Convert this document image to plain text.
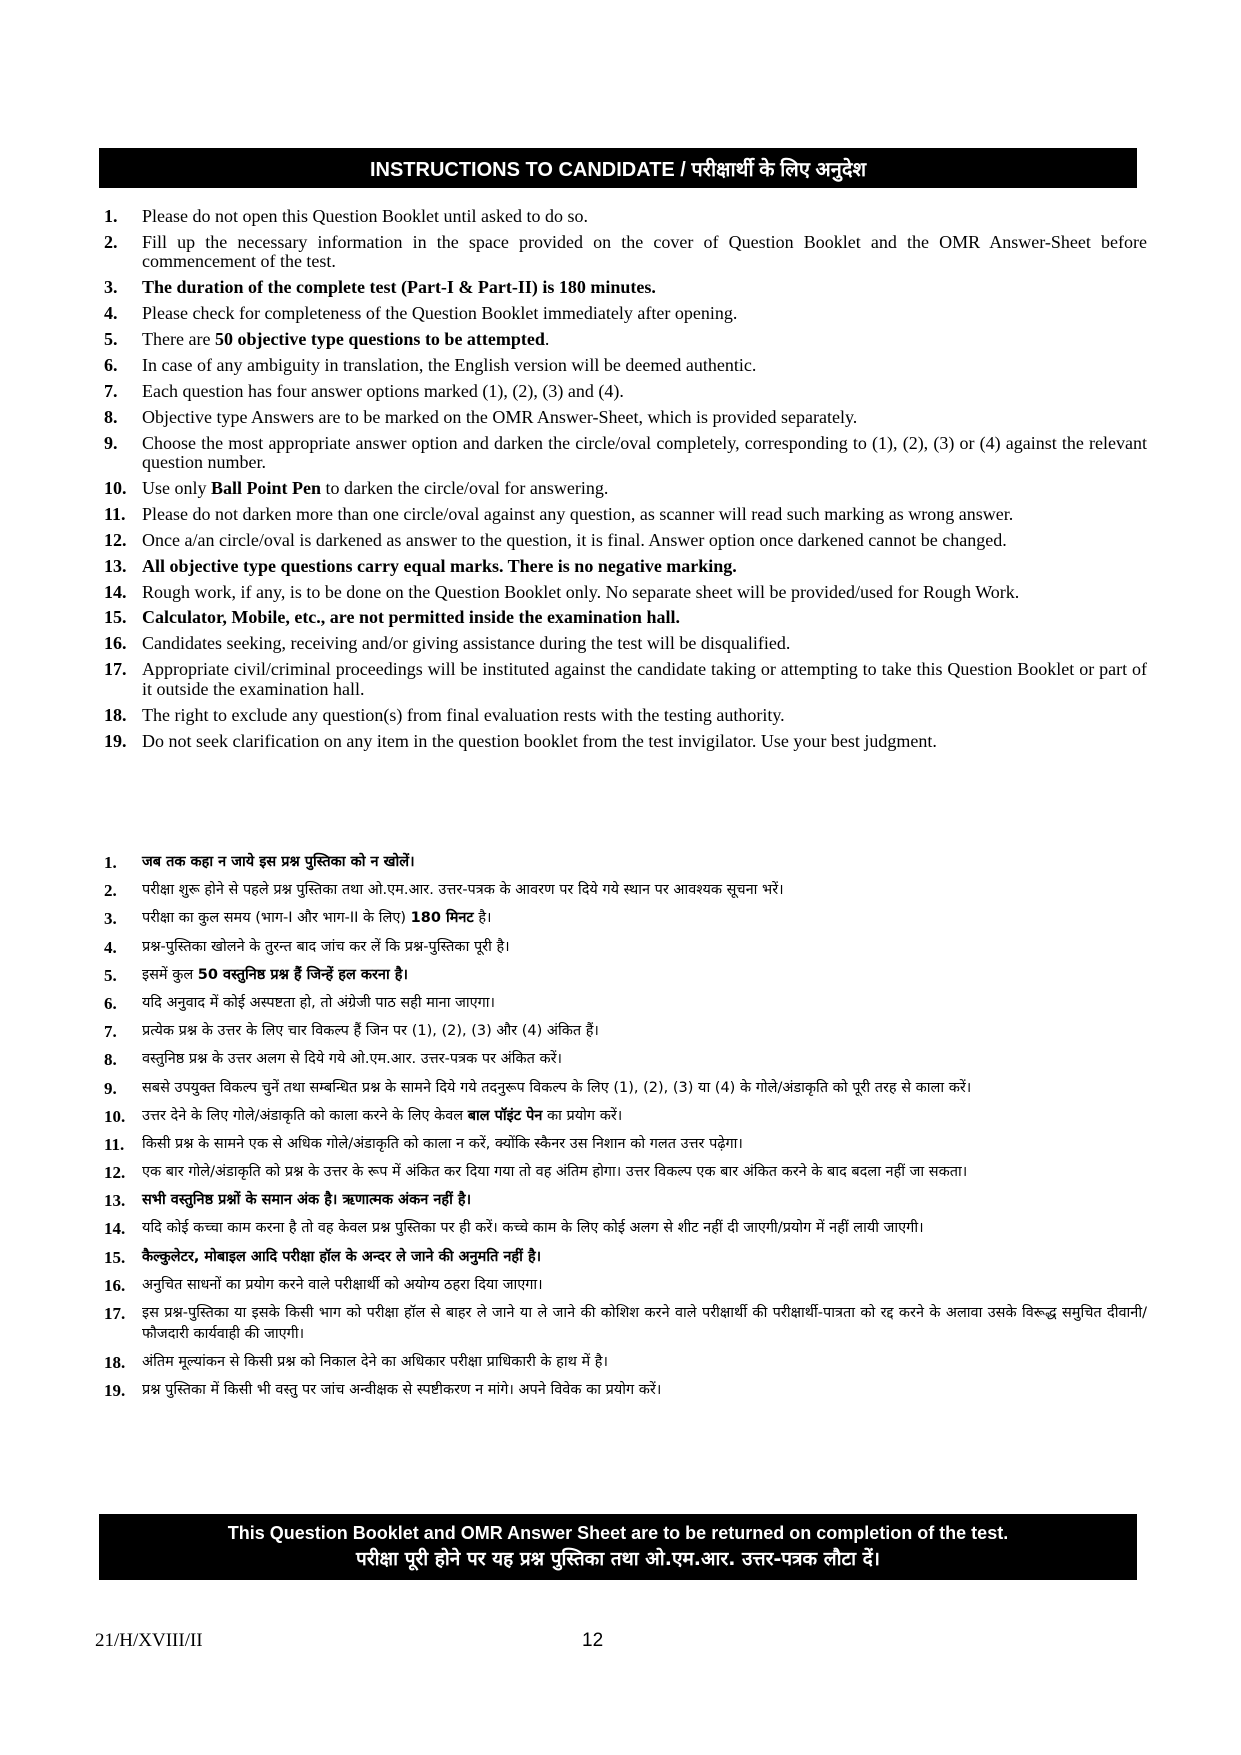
INSTRUCTIONS TO CANDIDATE / परीक्षार्थी के लिए अनुदेश
1.	Please do not open this Question Booklet until asked to do so.
2.	Fill up the necessary information in the space provided on the cover of Question Booklet and the OMR Answer-Sheet before commencement of the test.
3.	The duration of the complete test (Part-I & Part-II) is 180 minutes.
4.	Please check for completeness of the Question Booklet immediately after opening.
5.	There are 50 objective type questions to be attempted.
6.	In case of any ambiguity in translation, the English version will be deemed authentic.
7.	Each question has four answer options marked (1), (2), (3) and (4).
8.	Objective type Answers are to be marked on the OMR Answer-Sheet, which is provided separately.
9.	Choose the most appropriate answer option and darken the circle/oval completely, corresponding to (1), (2), (3) or (4) against the relevant question number.
10. Use only Ball Point Pen to darken the circle/oval for answering.
11. Please do not darken more than one circle/oval against any question, as scanner will read such marking as wrong answer.
12. Once a/an circle/oval is darkened as answer to the question, it is final. Answer option once darkened cannot be changed.
13. All objective type questions carry equal marks. There is no negative marking.
14. Rough work, if any, is to be done on the Question Booklet only. No separate sheet will be provided/used for Rough Work.
15. Calculator, Mobile, etc., are not permitted inside the examination hall.
16. Candidates seeking, receiving and/or giving assistance during the test will be disqualified.
17. Appropriate civil/criminal proceedings will be instituted against the candidate taking or attempting to take this Question Booklet or part of it outside the examination hall.
18. The right to exclude any question(s) from final evaluation rests with the testing authority.
19. Do not seek clarification on any item in the question booklet from the test invigilator. Use your best judgment.
1.	जब तक कहा न जाये इस प्रश्न पुस्तिका को न खोलें।
2.	परीक्षा शुरू होने से पहले प्रश्न पुस्तिका तथा ओ.एम.आर. उत्तर-पत्रक के आवरण पर दिये गये स्थान पर आवश्यक सूचना भरें।
3.	परीक्षा का कुल समय (भाग-I और भाग-II के लिए) 180 मिनट है।
4.	प्रश्न-पुस्तिका खोलने के तुरन्त बाद जांच कर लें कि प्रश्न-पुस्तिका पूरी है।
5.	इसमें कुल 50 वस्तुनिष्ठ प्रश्न हैं जिन्हें हल करना है।
6.	यदि अनुवाद में कोई अस्पष्टता हो, तो अंग्रेजी पाठ सही माना जाएगा।
7.	प्रत्येक प्रश्न के उत्तर के लिए चार विकल्प हैं जिन पर (1), (2), (3) और (4) अंकित हैं।
8.	वस्तुनिष्ठ प्रश्न के उत्तर अलग से दिये गये ओ.एम.आर. उत्तर-पत्रक पर अंकित करें।
9.	सबसे उपयुक्त विकल्प चुनें तथा सम्बन्धित प्रश्न के सामने दिये गये तदनुरूप विकल्प के लिए (1), (2), (3) या (4) के गोले/अंडाकृति को पूरी तरह से काला करें।
10.	उत्तर देने के लिए गोले/अंडाकृति को काला करने के लिए केवल बाल पॉइंट पेन का प्रयोग करें।
11.	किसी प्रश्न के सामने एक से अधिक गोले/अंडाकृति को काला न करें, क्योंकि स्कैनर उस निशान को गलत उत्तर पढ़ेगा।
12.	एक बार गोले/अंडाकृति को प्रश्न के उत्तर के रूप में अंकित कर दिया गया तो वह अंतिम होगा। उत्तर विकल्प एक बार अंकित करने के बाद बदला नहीं जा सकता।
13.	सभी वस्तुनिष्ठ प्रश्नों के समान अंक है। ऋणात्मक अंकन नहीं है।
14.	यदि कोई कच्चा काम करना है तो वह केवल प्रश्न पुस्तिका पर ही करें। कच्चे काम के लिए कोई अलग से शीट नहीं दी जाएगी/प्रयोग में नहीं लायी जाएगी।
15.	कैल्कुलेटर, मोबाइल आदि परीक्षा हॉल के अन्दर ले जाने की अनुमति नहीं है।
16.	अनुचित साधनों का प्रयोग करने वाले परीक्षार्थी को अयोग्य ठहरा दिया जाएगा।
17.	इस प्रश्न-पुस्तिका या इसके किसी भाग को परीक्षा हॉल से बाहर ले जाने या ले जाने की कोशिश करने वाले परीक्षार्थी की परीक्षार्थी-पात्रता को रद्द करने के अलावा उसके विरूद्ध समुचित दीवानी/फौजदारी कार्यवाही की जाएगी।
18.	अंतिम मूल्यांकन से किसी प्रश्न को निकाल देने का अधिकार परीक्षा प्राधिकारी के हाथ में है।
19.	प्रश्न पुस्तिका में किसी भी वस्तु पर जांच अन्वीक्षक से स्पष्टीकरण न मांगे। अपने विवेक का प्रयोग करें।
This Question Booklet and OMR Answer Sheet are to be returned on completion of the test.
परीक्षा पूरी होने पर यह प्रश्न पुस्तिका तथा ओ.एम.आर. उत्तर-पत्रक लौटा दें।
21/H/XVIII/II	12
